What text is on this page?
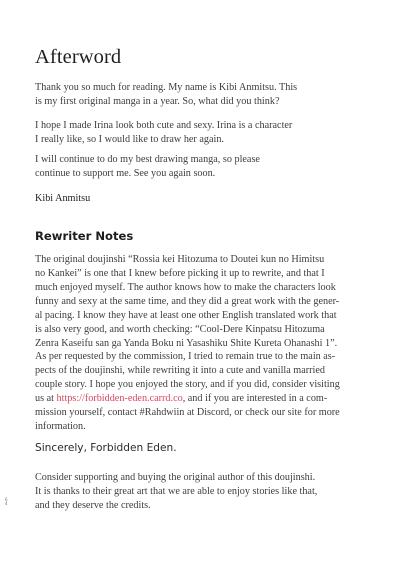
Afterword
Thank you so much for reading. My name is Kibi Anmitsu. This
is my first original manga in a year. So, what did you think?
I hope I made Irina look both cute and sexy. Irina is a character
I really like, so I would like to draw her again.
I will continue to do my best drawing manga, so please
continue to support me. See you again soon.
Kibi Anmitsu
Rewriter Notes
The original doujinshi “Rossia kei Hitozuma to Doutei kun no Himitsu
no Kankei” is one that I knew before picking it up to rewrite, and that I
much enjoyed myself. The author knows how to make the characters look
funny and sexy at the same time, and they did a great work with the gener-
al pacing. I know they have at least one other English translated work that
is also very good, and worth checking: “Cool-Dere Kinpatsu Hitozuma
Zenra Kaseifu san ga Yanda Boku ni Yasashiku Shite Kureta Ohanashi 1”.
As per requested by the commission, I tried to remain true to the main as-
pects of the doujinshi, while rewriting it into a cute and vanilla married
couple story. I hope you enjoyed the story, and if you did, consider visiting
us at https://forbidden-eden.carrd.co, and if you are interested in a com-
mission yourself, contact #Rahdwiin at Discord, or check our site for more
information.
Sincerely, Forbidden Eden.
Consider supporting and buying the original author of this doujinshi.
It is thanks to their great art that we are able to enjoy stories like that,
and they deserve the credits.
6
4
